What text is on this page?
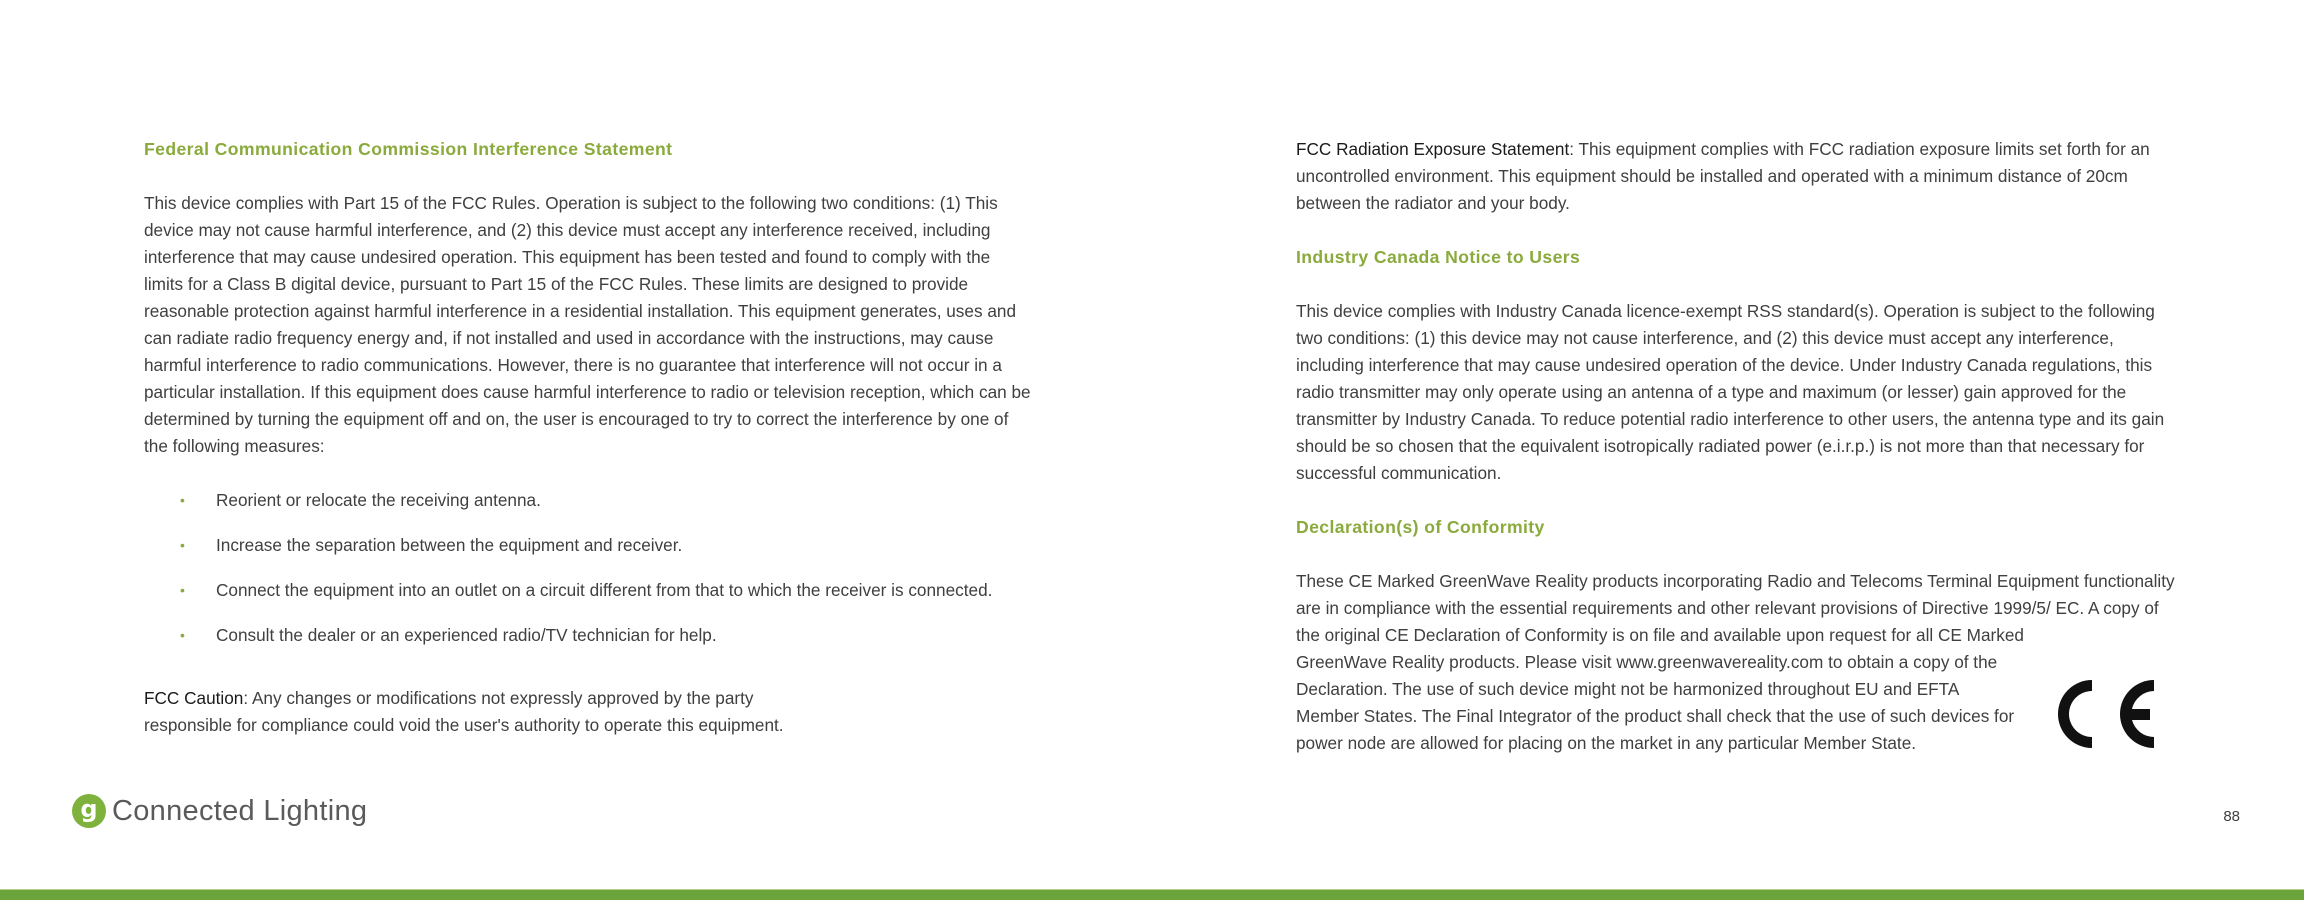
Federal Communication Commission Interference Statement

This device complies with Part 15 of the FCC Rules. Operation is subject to the following two conditions: (1) This device may not cause harmful interference, and (2) this device must accept any interference received, including interference that may cause undesired operation. This equipment has been tested and found to comply with the limits for a Class B digital device, pursuant to Part 15 of the FCC Rules. These limits are designed to provide reasonable protection against harmful interference in a residential installation. This equipment generates, uses and can radiate radio frequency energy and, if not installed and used in accordance with the instructions, may cause harmful interference to radio communications. However, there is no guarantee that interference will not occur in a particular installation. If this equipment does cause harmful interference to radio or television reception, which can be determined by turning the equipment off and on, the user is encouraged to try to correct the interference by one of the following measures:

• Reorient or relocate the receiving antenna.
• Increase the separation between the equipment and receiver.
• Connect the equipment into an outlet on a circuit different from that to which the receiver is connected.
• Consult the dealer or an experienced radio/TV technician for help.

FCC Caution: Any changes or modifications not expressly approved by the party responsible for compliance could void the user's authority to operate this equipment.

FCC Radiation Exposure Statement: This equipment complies with FCC radiation exposure limits set forth for an uncontrolled environment. This equipment should be installed and operated with a minimum distance of 20cm between the radiator and your body.

Industry Canada Notice to Users

This device complies with Industry Canada licence-exempt RSS standard(s). Operation is subject to the following two conditions: (1) this device may not cause interference, and (2) this device must accept any interference, including interference that may cause undesired operation of the device. Under Industry Canada regulations, this radio transmitter may only operate using an antenna of a type and maximum (or lesser) gain approved for the transmitter by Industry Canada. To reduce potential radio interference to other users, the antenna type and its gain should be so chosen that the equivalent isotropically radiated power (e.i.r.p.) is not more than that necessary for successful communication.

Declaration(s) of Conformity

These CE Marked GreenWave Reality products incorporating Radio and Telecoms Terminal Equipment functionality are in compliance with the essential requirements and other relevant provisions of Directive 1999/5/ EC. A copy of the original CE Declaration of Conformity is on file and available upon request for all CE Marked

GreenWave Reality products. Please visit www.greenwavereality.com to obtain a copy of the Declaration. The use of such device might not be harmonized throughout EU and EFTA Member States. The Final Integrator of the product shall check that the use of such devices for power node are allowed for placing on the market in any particular Member State.

g Connected Lighting	88
